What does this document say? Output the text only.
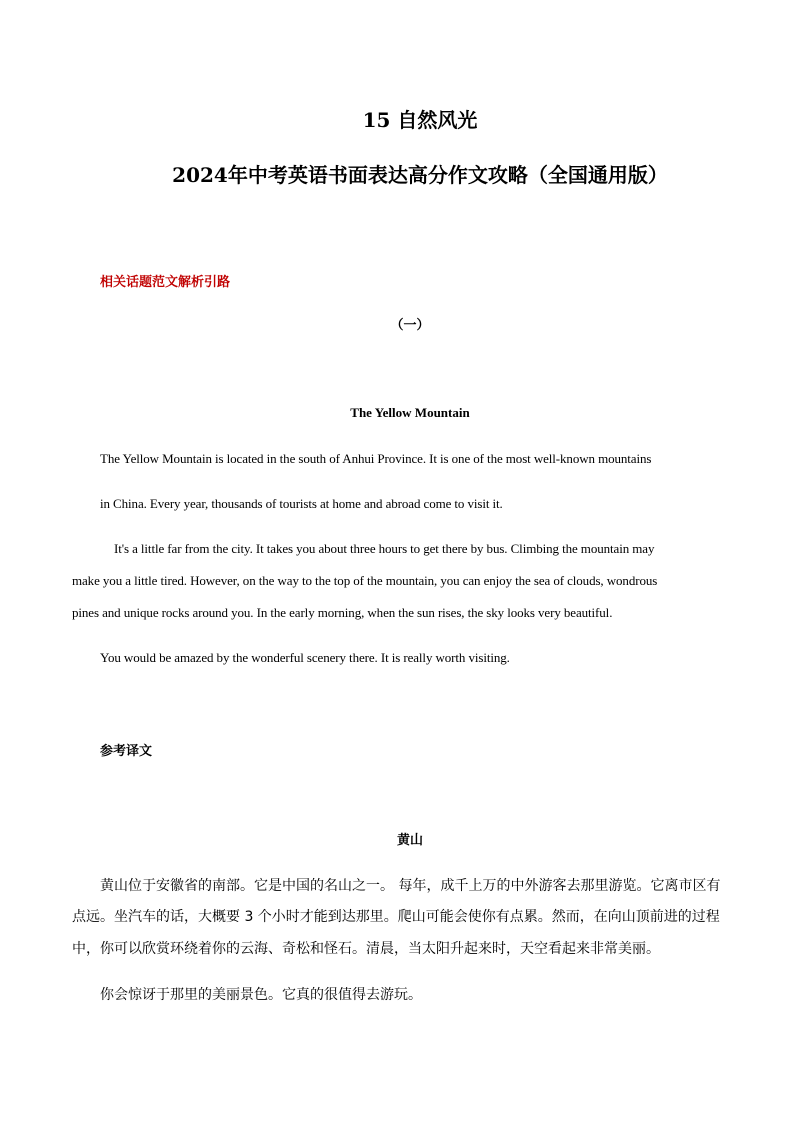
15 自然风光
2024年中考英语书面表达高分作文攻略（全国通用版）
相关话题范文解析引路
（一）
The Yellow Mountain
The Yellow Mountain is located in the south of Anhui Province. It is one of the most well-known mountains
in China. Every year, thousands of tourists at home and abroad come to visit it.
It's a little far from the city. It takes you about three hours to get there by bus. Climbing the mountain may
make you a little tired. However, on the way to the top of the mountain, you can enjoy the sea of clouds, wondrous
pines and unique rocks around you. In the early morning, when the sun rises, the sky looks very beautiful.
You would be amazed by the wonderful scenery there. It is really worth visiting.
参考译文
黄山
黄山位于安徽省的南部。它是中国的名山之一。 每年，成千上万的中外游客去那里游览。它离市区有
点远。坐汽车的话，大概要 3 个小时才能到达那里。爬山可能会使你有点累。然而，在向山顶前进的过程
中，你可以欣赏环绕着你的云海、奇松和怪石。清晨，当太阳升起来时，天空看起来非常美丽。
你会惊讶于那里的美丽景色。它真的很值得去游玩。
